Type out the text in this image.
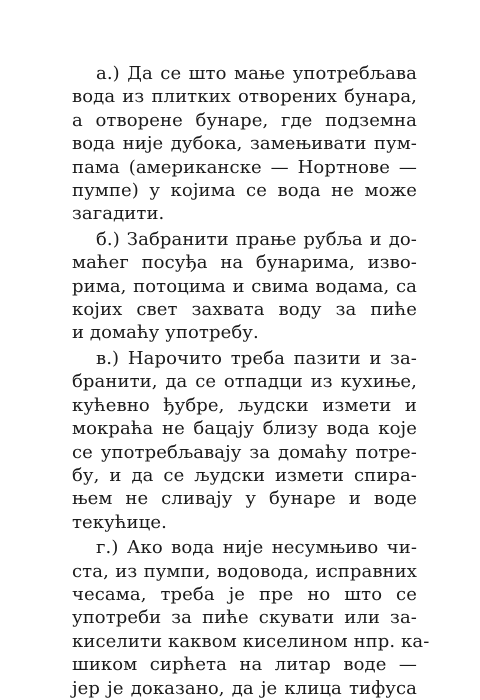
а.) Да се што мање употребљава
вода из плитких отворених бунара,
а отворене бунаре, где подземна
вода није дубока, замењивати пум-
пама (американске — Нортнове —
пумпе) у којима се вода не може
загадити.
б.) Забранити прање рубља и до-
маћег посуђа на бунарима, изво-
рима, потоцима и свима водама, са
којих свет захвата воду за пиће
и домаћу употребу.
в.) Нарочито треба пазити и за-
бранити, да се отпадци из кухиње,
кућевно ђубре, људски измети и
мокраћа не бацају близу вода које
се употребљавају за домаћу потре-
бу, и да се људски измети спира-
њем не сливају у бунаре и воде
текућице.
г.) Ако вода није несумњиво чи-
ста, из пумпи, водовода, исправних
чесама, треба је пре но што се
употреби за пиће скувати или за-
киселити каквом киселином нпр. ка-
шиком сирћета на литар воде —
јер је доказано, да је клица тифуса
